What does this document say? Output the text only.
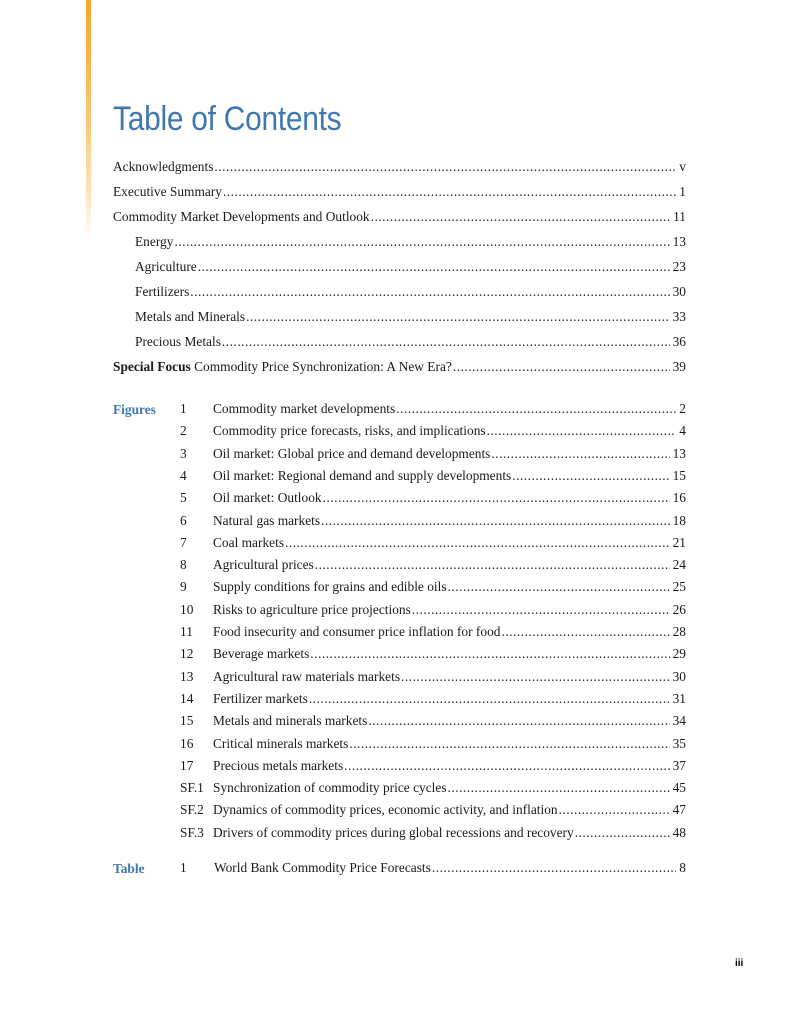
Table of Contents
Acknowledgments .....	v
Executive Summary .....	1
Commodity Market Developments and Outlook .....	11
Energy .....	13
Agriculture .....	23
Fertilizers .....	30
Metals and Minerals .....	33
Precious Metals .....	36
Special Focus Commodity Price Synchronization: A New Era? .....	39
Figures 1 Commodity market developments .....	2
2 Commodity price forecasts, risks, and implications .....	4
3 Oil market: Global price and demand developments .....	13
4 Oil market: Regional demand and supply developments .....	15
5 Oil market: Outlook .....	16
6 Natural gas markets .....	18
7 Coal markets .....	21
8 Agricultural prices .....	24
9 Supply conditions for grains and edible oils .....	25
10 Risks to agriculture price projections .....	26
11 Food insecurity and consumer price inflation for food .....	28
12 Beverage markets .....	29
13 Agricultural raw materials markets .....	30
14 Fertilizer markets .....	31
15 Metals and minerals markets .....	34
16 Critical minerals markets .....	35
17 Precious metals markets .....	37
SF.1 Synchronization of commodity price cycles .....	45
SF.2 Dynamics of commodity prices, economic activity, and inflation .....	47
SF.3 Drivers of commodity prices during global recessions and recovery .....	48
Table	1 World Bank Commodity Price Forecasts .....	8
iii
